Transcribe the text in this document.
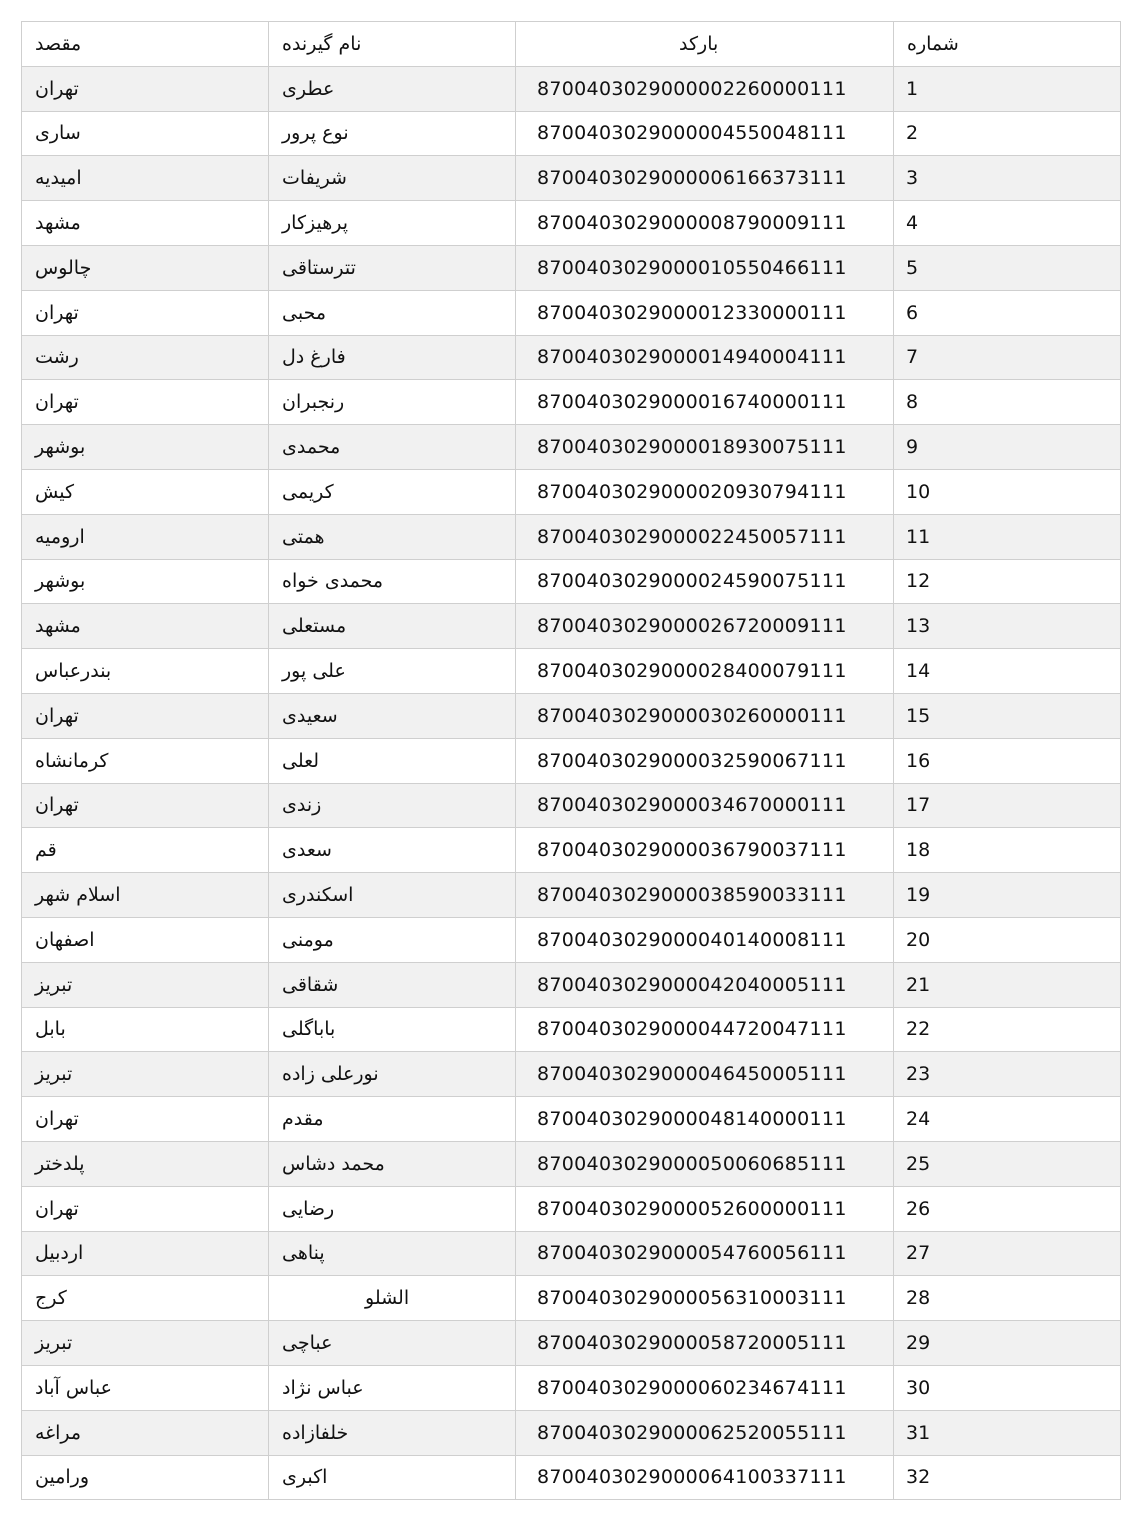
مقصد	نام گیرنده	بارکد	شماره
تهران	عطری	8700403029000002260000111	1
ساری	نوع پرور	8700403029000004550048111	2
امیدیه	شریفات	8700403029000006166373111	3
مشهد	پرهیزکار	8700403029000008790009111	4
چالوس	تترستاقی	8700403029000010550466111	5
تهران	محبی	8700403029000012330000111	6
رشت	فارغ دل	8700403029000014940004111	7
تهران	رنجبران	8700403029000016740000111	8
بوشهر	محمدی	8700403029000018930075111	9
کیش	کریمی	8700403029000020930794111	10
ارومیه	همتی	8700403029000022450057111	11
بوشهر	محمدی خواه	8700403029000024590075111	12
مشهد	مستعلی	8700403029000026720009111	13
بندرعباس	علی پور	8700403029000028400079111	14
تهران	سعیدی	8700403029000030260000111	15
کرمانشاه	لعلی	8700403029000032590067111	16
تهران	زندی	8700403029000034670000111	17
قم	سعدی	8700403029000036790037111	18
اسلام شهر	اسکندری	8700403029000038590033111	19
اصفهان	مومنی	8700403029000040140008111	20
تبریز	شقاقی	8700403029000042040005111	21
بابل	باباگلی	8700403029000044720047111	22
تبریز	نورعلی زاده	8700403029000046450005111	23
تهران	مقدم	8700403029000048140000111	24
پلدختر	محمد دشاس	8700403029000050060685111	25
تهران	رضایی	8700403029000052600000111	26
اردبیل	پناهی	8700403029000054760056111	27
کرج	الشلو	8700403029000056310003111	28
تبریز	عباچی	8700403029000058720005111	29
عباس آباد	عباس نژاد	8700403029000060234674111	30
مراغه	خلفازاده	8700403029000062520055111	31
ورامین	اکبری	8700403029000064100337111	32
